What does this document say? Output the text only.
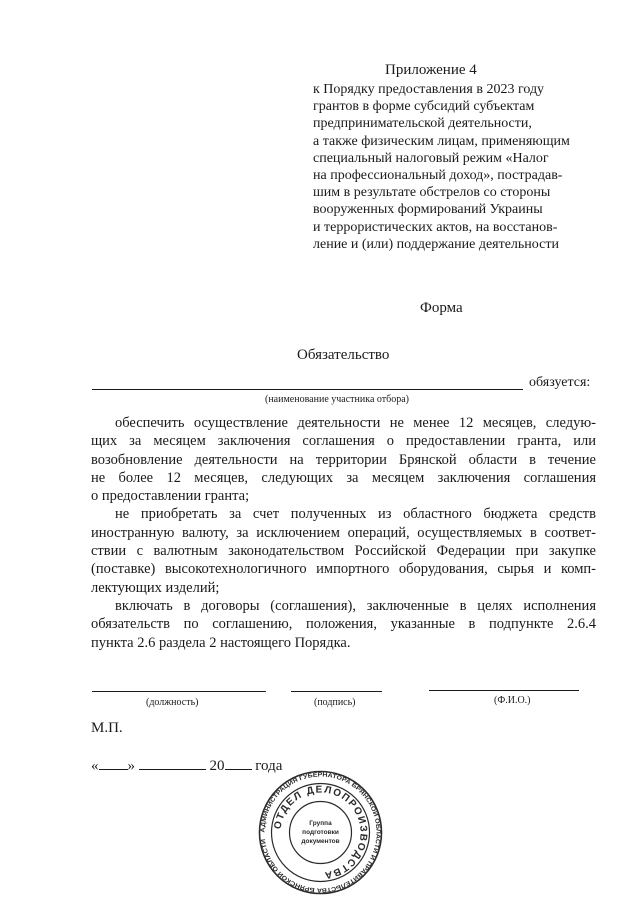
Приложение 4
к Порядку предоставления в 2023 году
грантов в форме субсидий субъектам
предпринимательской деятельности,
а также физическим лицам, применяющим
специальный налоговый режим «Налог
на профессиональный доход», пострадав-
шим в результате обстрелов со стороны
вооруженных формирований Украины
и террористических актов, на восстанов-
ление и (или) поддержание деятельности
Форма
Обязательство
обязуется:
(наименование участника отбора)
обеспечить осуществление деятельности не менее 12 месяцев, следую-
щих за месяцем заключения соглашения о предоставлении гранта, или
возобновление деятельности на территории Брянской области в течение
не более 12 месяцев, следующих за месяцем заключения соглашения
о предоставлении гранта;
не приобретать за счет полученных из областного бюджета средств
иностранную валюту, за исключением операций, осуществляемых в соответ-
ствии с валютным законодательством Российской Федерации при закупке
(поставке) высокотехнологичного импортного оборудования, сырья и комп-
лектующих изделий;
включать в договоры (соглашения), заключенные в целях исполнения
обязательств по соглашению, положения, указанные в подпункте 2.6.4
пункта 2.6 раздела 2 настоящего Порядка.
(должность)	(подпись)	(Ф.И.О.)
М.П.
« »	20 года
АДМИНИСТРАЦИЯ ГУБЕРНАТОРА БРЯНСКОЙ ОБЛАСТИ И ПРАВИТЕЛЬСТВА БРЯНСКОЙ ОБЛАСТИ
ОТДЕЛ ДЕЛОПРОИЗВОДСТВА
Группа
подготовки
документов
